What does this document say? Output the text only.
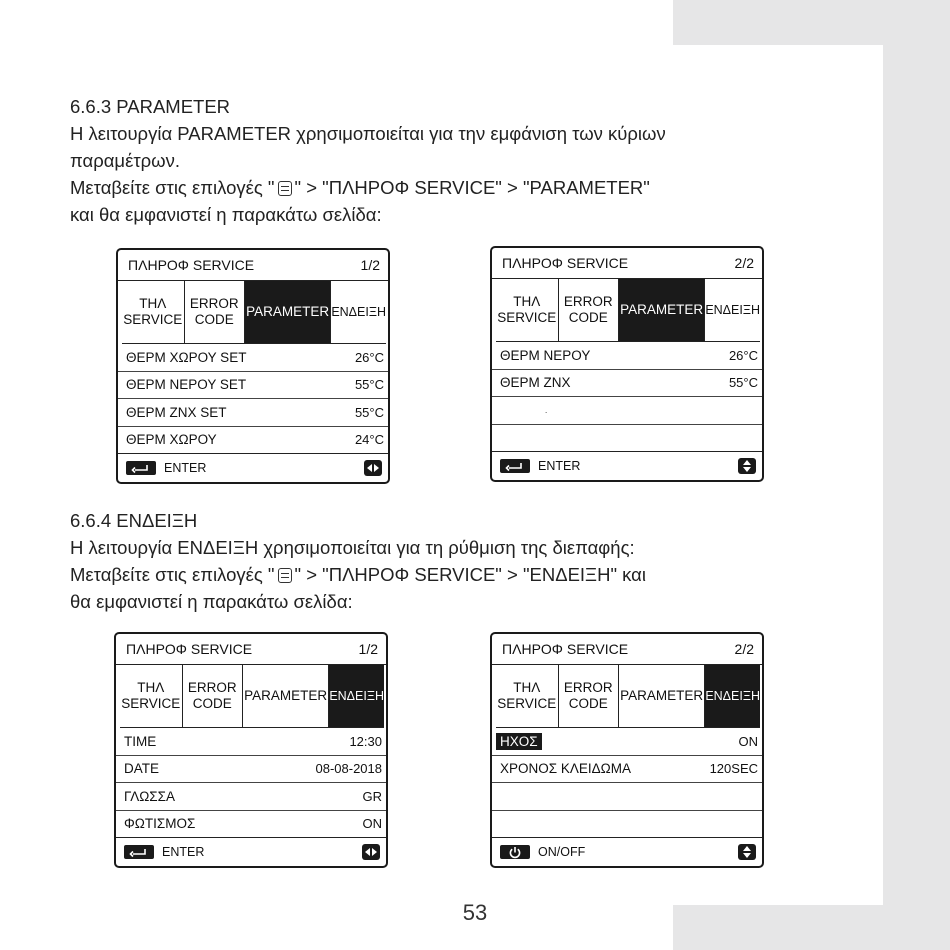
6.6.3 PARAMETER

Η λειτουργία PARAMETER χρησιμοποιείται για την εμφάνιση των κύριων

παραμέτρων.

Μεταβείτε στις επιλογές " " > "ΠΛΗΡΟΦ SERVICE" > "PARAMETER"

και θα εμφανιστεί η παρακάτω σελίδα:

ΠΛΗΡΟΦ SERVICE	1/2
ΤΗΛ
SERVICE
ERROR
CODE
PARAMETER ΕΝΔΕΙΞΗ
ΘΕΡΜ ΧΩΡΟΥ SET	26°C
ΘΕΡΜ ΝΕΡΟΥ SET	55°C
ΘΕΡΜ ΖΝΧ SET	55°C
ΘΕΡΜ ΧΩΡΟΥ	24°C
ENTER
ΠΛΗΡΟΦ SERVICE	2/2
ΤΗΛ
SERVICE
ERROR
CODE
PARAMETER ΕΝΔΕΙΞΗ
ΘΕΡΜ ΝΕΡΟΥ	26°C
ΘΕΡΜ ΖΝΧ	55°C
.
ENTER

6.6.4 ΕΝΔΕΙΞΗ

Η λειτουργία ΕΝΔΕΙΞΗ χρησιμοποιείται για τη ρύθμιση της διεπαφής:

Μεταβείτε στις επιλογές " " > "ΠΛΗΡΟΦ SERVICE" > "ΕΝΔΕΙΞΗ" και

θα εμφανιστεί η παρακάτω σελίδα:

ΠΛΗΡΟΦ SERVICE	1/2
ΤΗΛ
SERVICE
ERROR
CODE
PARAMETER ΕΝΔΕΙΞΗ
TIME	12:30
DATE	08-08-2018
ΓΛΩΣΣΑ	GR
ΦΩΤΙΣΜΟΣ	ON
ENTER
ΠΛΗΡΟΦ SERVICE	2/2
ΤΗΛ
SERVICE
ERROR
CODE
PARAMETER ΕΝΔΕΙΞΗ
ΗΧΟΣ	ON
ΧΡΟΝΟΣ ΚΛΕΙΔΩΜΑ	120SEC
ON/OFF
53
